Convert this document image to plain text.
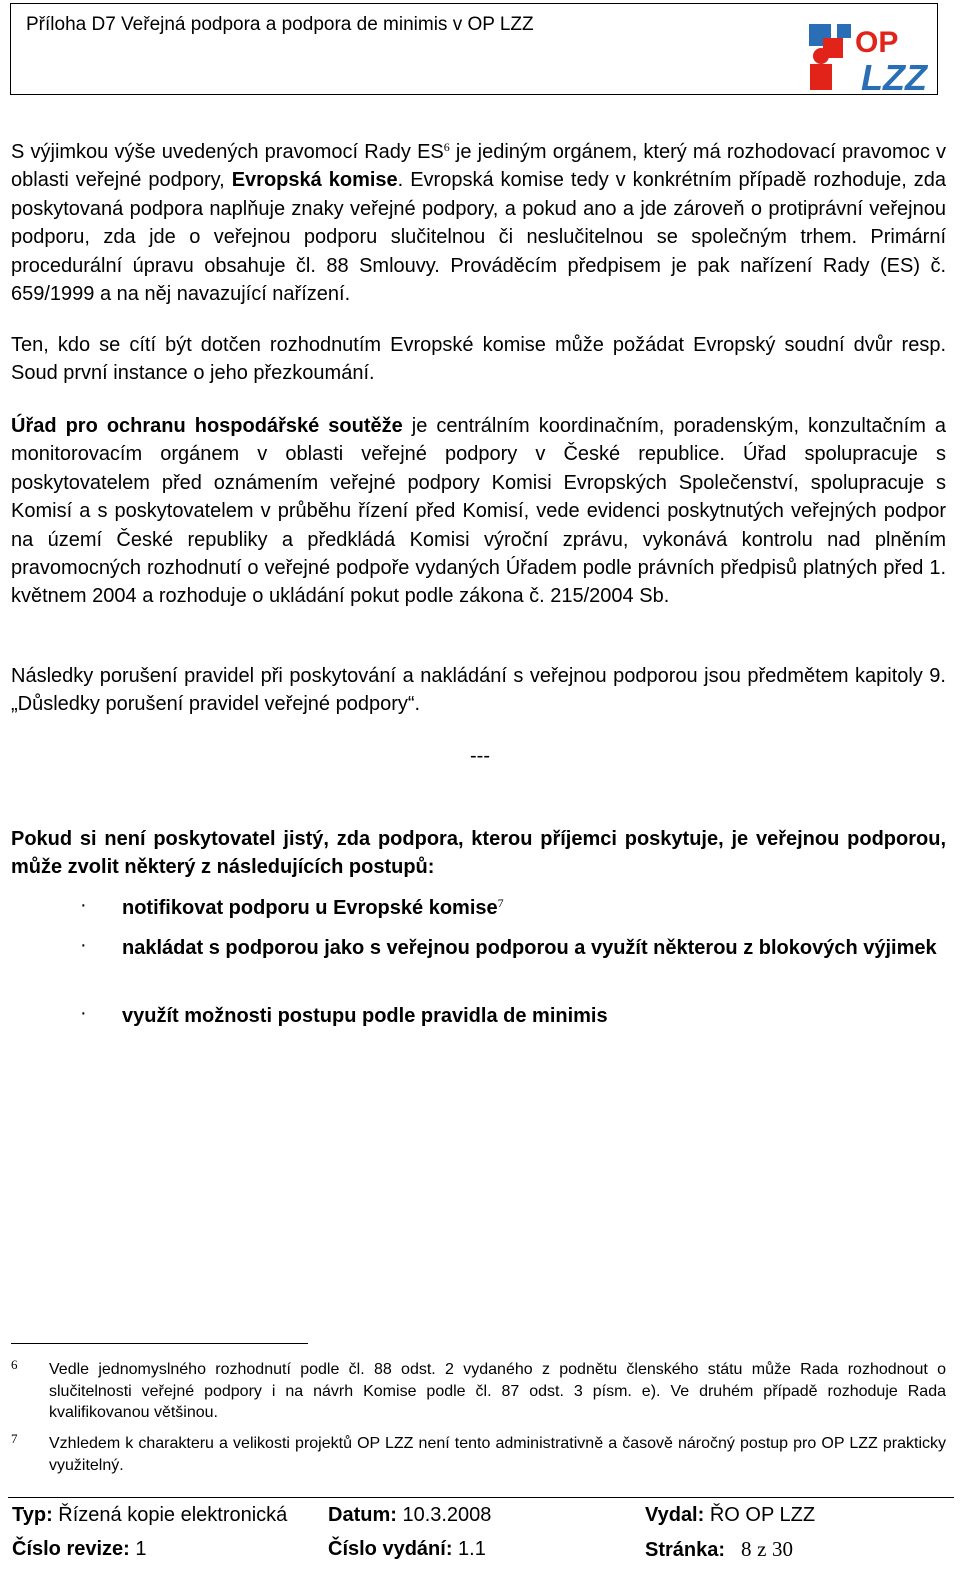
Příloha D7 Veřejná podpora a podpora de minimis v OP LZZ
OP
LZZ
S výjimkou výše uvedených pravomocí Rady $ES^6$ je jediným orgánem, který má rozhodovací pravomoc v oblasti veřejné podpory, Evropská komise. Evropská komise tedy v konkrétním případě rozhoduje, zda poskytovaná podpora naplňuje znaky veřejné podpory, a pokud ano a jde zároveň o protiprávní veřejnou podporu, zda jde o veřejnou podporu slučitelnou či neslučitelnou se společným trhem. Primární procedurální úpravu obsahuje čl. 88 Smlouvy. Prováděcím předpisem je pak nařízení Rady (ES) č. 659/1999 a na něj navazující nařízení.
Ten, kdo se cítí být dotčen rozhodnutím Evropské komise může požádat Evropský soudní dvůr resp. Soud první instance o jeho přezkoumání.
Úřad pro ochranu hospodářské soutěže je centrálním koordinačním, poradenským, konzultačním a monitorovacím orgánem v oblasti veřejné podpory v České republice. Úřad spolupracuje s poskytovatelem před oznámením veřejné podpory Komisi Evropských Společenství, spolupracuje s Komisí a s poskytovatelem v průběhu řízení před Komisí, vede evidenci poskytnutých veřejných podpor na území České republiky a předkládá Komisi výroční zprávu, vykonává kontrolu nad plněním pravomocných rozhodnutí o veřejné podpoře vydaných Úřadem podle právních předpisů platných před 1. květnem 2004 a rozhoduje o ukládání pokut podle zákona č. 215/2004 Sb.
Následky porušení pravidel při poskytování a nakládání s veřejnou podporou jsou předmětem kapitoly 9. „Důsledky porušení pravidel veřejné podpory“.
---
Pokud si není poskytovatel jistý, zda podpora, kterou příjemci poskytuje, je veřejnou podporou, může zvolit některý z následujících postupů:
· notifikovat podporu u Evropské komise$^7$
· nakládat s podporou jako s veřejnou podporou a využít některou z blokových výjimek
· využít možnosti postupu podle pravidla de minimis
6 Vedle jednomyslného rozhodnutí podle čl. 88 odst. 2 vydaného z podnětu členského státu může Rada rozhodnout o slučitelnosti veřejné podpory i na návrh Komise podle čl. 87 odst. 3 písm. e). Ve druhém případě rozhoduje Rada kvalifikovanou většinou.
7 Vzhledem k charakteru a velikosti projektů OP LZZ není tento administrativně a časově náročný postup pro OP LZZ prakticky využitelný.
Typ: Řízená kopie elektronická Datum: 10.3.2008	Vydal: ŘO OP LZZ
Číslo revize: 1	Číslo vydání: 1.1	Stránka: 8 z 30
